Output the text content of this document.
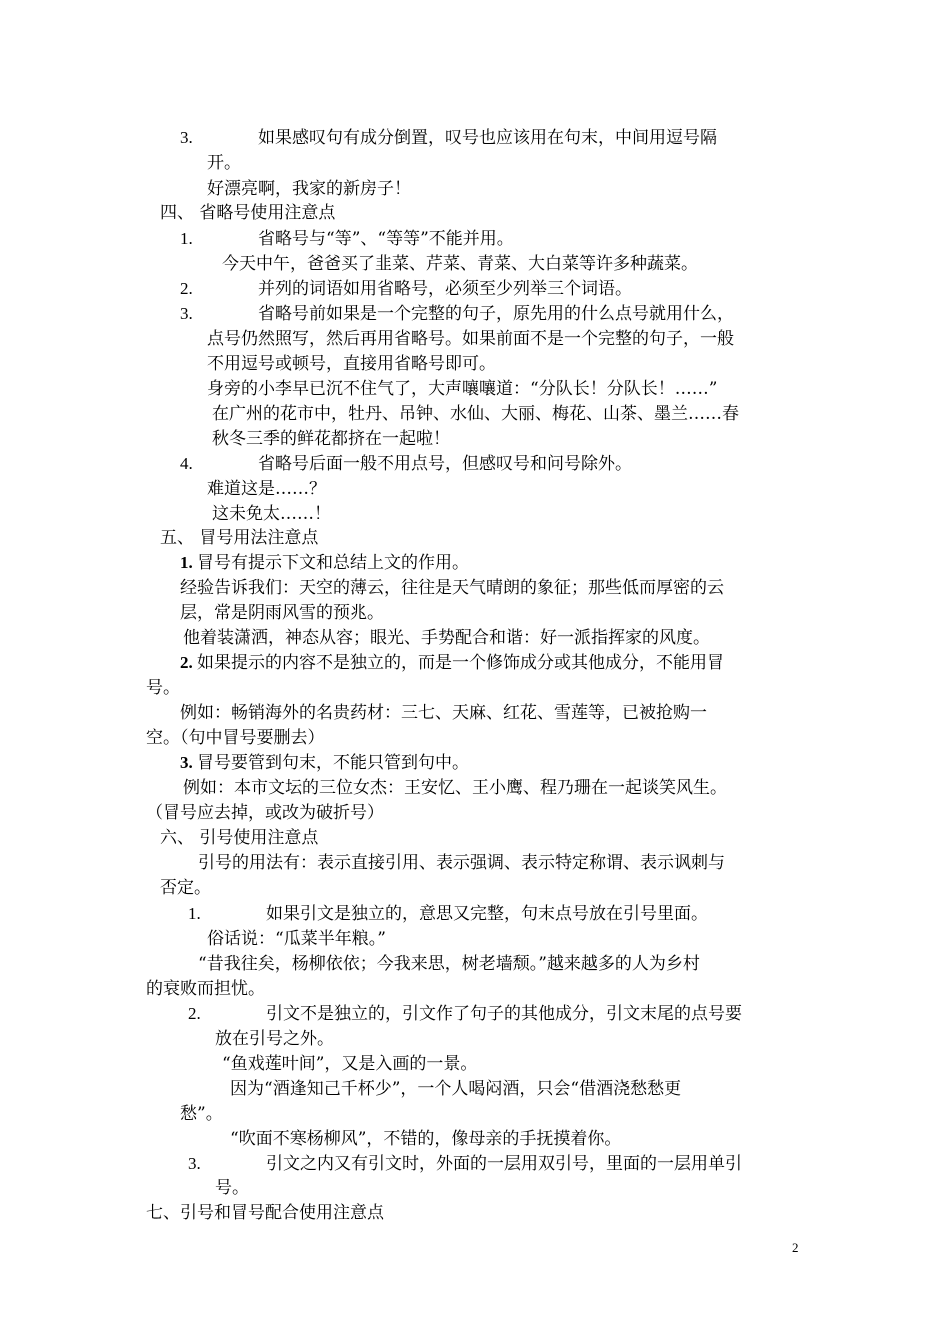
3.	如果感叹句有成分倒置，叹号也应该用在句末，中间用逗号隔
开。
好漂亮啊，我家的新房子！
四、 省略号使用注意点
1.	省略号与“等”、“等等”不能并用。
今天中午，爸爸买了韭菜、芹菜、青菜、大白菜等许多种蔬菜。
2.	并列的词语如用省略号，必须至少列举三个词语。
3.	省略号前如果是一个完整的句子，原先用的什么点号就用什么，
点号仍然照写，然后再用省略号。如果前面不是一个完整的句子，一般
不用逗号或顿号，直接用省略号即可。
身旁的小李早已沉不住气了，大声嚷嚷道：“分队长！分队长！……”
在广州的花市中，牡丹、吊钟、水仙、大丽、梅花、山茶、墨兰……春
秋冬三季的鲜花都挤在一起啦！
4.	省略号后面一般不用点号，但感叹号和问号除外。
难道这是……？
这未免太……！
五、 冒号用法注意点
1. 冒号有提示下文和总结上文的作用。
经验告诉我们：天空的薄云，往往是天气晴朗的象征；那些低而厚密的云
层，常是阴雨风雪的预兆。
他着装潇洒，神态从容；眼光、手势配合和谐：好一派指挥家的风度。
2. 如果提示的内容不是独立的，而是一个修饰成分或其他成分，不能用冒
号。
例如：畅销海外的名贵药材：三七、天麻、红花、雪莲等，已被抢购一
空。（句中冒号要删去）
3. 冒号要管到句末，不能只管到句中。
例如：本市文坛的三位女杰：王安忆、王小鹰、程乃珊在一起谈笑风生。
（冒号应去掉，或改为破折号）
六、 引号使用注意点
引号的用法有：表示直接引用、表示强调、表示特定称谓、表示讽刺与
否定。
1.	如果引文是独立的，意思又完整，句末点号放在引号里面。
俗话说：“瓜菜半年粮。”
“昔我往矣，杨柳依依；今我来思，树老墙颓。”越来越多的人为乡村
的衰败而担忧。
2.	引文不是独立的，引文作了句子的其他成分，引文末尾的点号要
放在引号之外。
“鱼戏莲叶间”，又是入画的一景。
因为“酒逢知己千杯少”，一个人喝闷酒，只会“借酒浇愁愁更
愁”。
“吹面不寒杨柳风”，不错的，像母亲的手抚摸着你。
3.	引文之内又有引文时，外面的一层用双引号，里面的一层用单引
号。
七、引号和冒号配合使用注意点
2
